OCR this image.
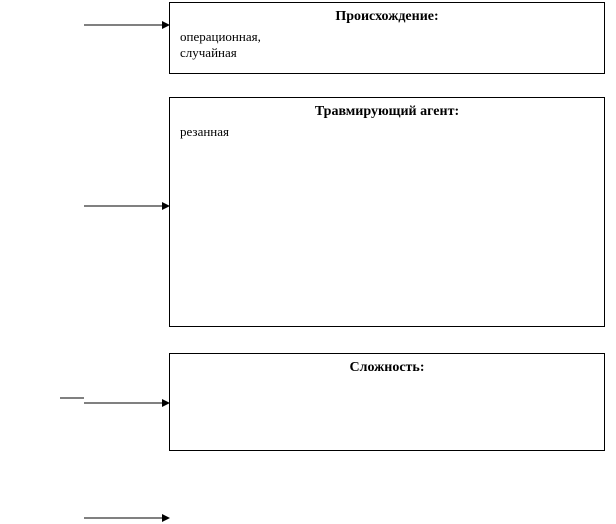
Происхождение:
операционная,
случайная
Травмирующий агент:
резанная
Сложность:
